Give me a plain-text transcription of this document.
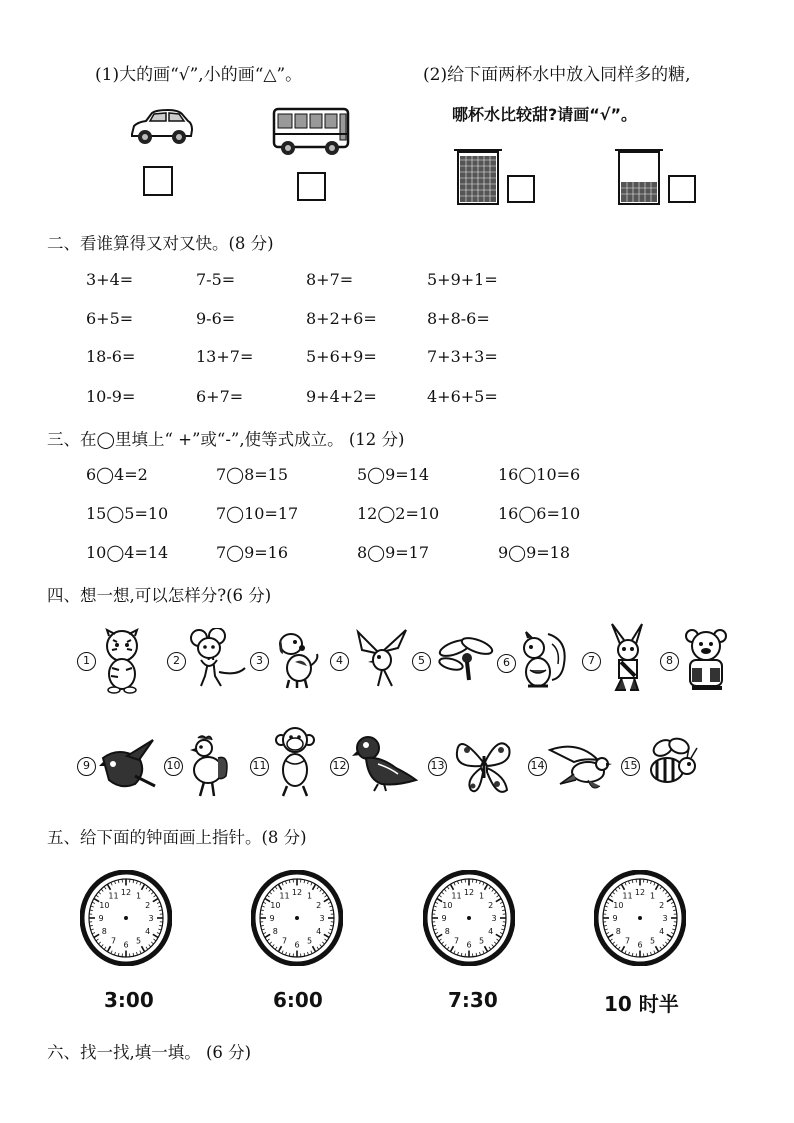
(1)大的画“√”,小的画“△”。	(2)给下面两杯水中放入同样多的糖,
哪杯水比较甜?请画“√”。
二、看谁算得又对又快。(8 分)
3+4=	7-5=	8+7=	5+9+1=
6+5=	9-6=	8+2+6=	8+8-6=
18-6=	13+7=	5+6+9=	7+3+3=
10-9=	6+7=	9+4+2=	4+6+5=
三、在◯里填上“ +”或“-”,使等式成立。 (12 分)
6◯4=2	7◯8=15	5◯9=14	16◯10=6
15◯5=10	7◯10=17	12◯2=10	16◯6=10
10◯4=14	7◯9=16	8◯9=17	9◯9=18
四、想一想,可以怎样分?(6 分)
1	2	3	4	5	6	7	8
9	10	11	12	13	14	15
五、给下面的钟面画上指针。(8 分)
12 1
2
3
4
5
6
7
8
9
10
11	12 1
2
3
4
5
6
7
8
9
10
11	12 1
2
3
4
5
6
7
8
9
10
11	12 1
2
3
4
5
6
7
8
9
10
11
3:00	6:00	7:30	10 时半
六、找一找,填一填。 (6 分)
